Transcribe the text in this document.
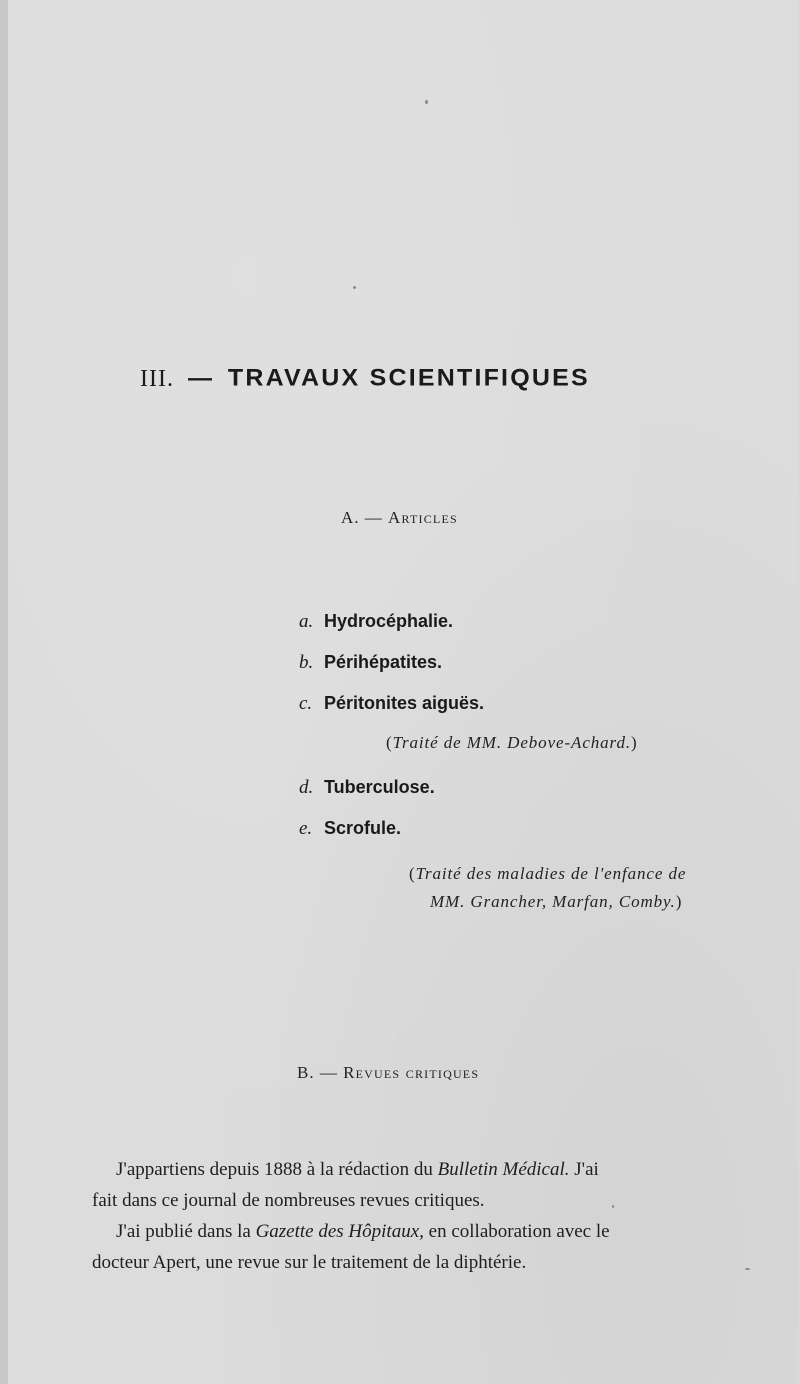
III. — TRAVAUX SCIENTIFIQUES
A. — Articles
a. Hydrocéphalie.
b. Périhépatites.
c. Péritonites aiguës.
(Traité de MM. Debove-Achard.)
d. Tuberculose.
e. Scrofule.
(Traité des maladies de l'enfance de
MM. Grancher, Marfan, Comby.)
B. — Revues critiques
J'appartiens depuis 1888 à la rédaction du Bulletin Médical. J'ai
fait dans ce journal de nombreuses revues critiques.
J'ai publié dans la Gazette des Hôpitaux, en collaboration avec le
docteur Apert, une revue sur le traitement de la diphtérie.
